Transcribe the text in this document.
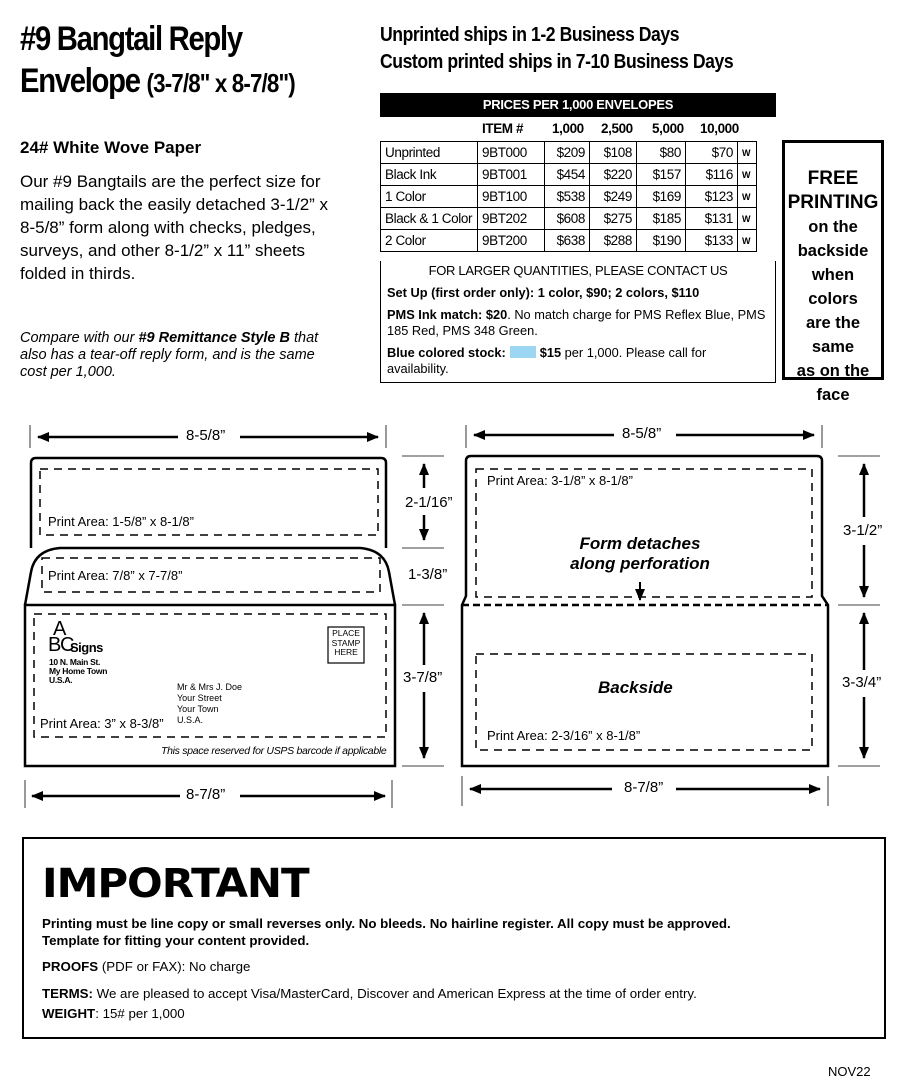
#9 Bangtail Reply
Envelope (3-7/8" x 8-7/8")
Unprinted ships in 1-2 Business Days
Custom printed ships in 7-10 Business Days
24# White Wove Paper
Our #9 Bangtails are the perfect size for mailing back the easily detached 3-1/2” x 8-5/8” form along with checks, pledges, surveys, and other 8-1/2” x 11” sheets folded in thirds.
Compare with our #9 Remittance Style B that also has a tear-off reply form, and is the same cost per 1,000.
PRICES PER 1,000 ENVELOPES
ITEM # 1,000 2,500 5,000 10,000
Unprinted	9BT000	$209	$108	$80	$70	W
Black Ink	9BT001	$454	$220	$157	$116	W
1 Color	9BT100	$538	$249	$169	$123	W
Black & 1 Color	9BT202	$608	$275	$185	$131	W
2 Color	9BT200	$638	$288	$190	$133	W
FOR LARGER QUANTITIES, PLEASE CONTACT US

Set Up (first order only): 1 color, $90; 2 colors, $110

PMS Ink match: $20. No match charge for PMS Reflex Blue, PMS 185 Red, PMS 348 Green.

Blue colored stock:	$15 per 1,000. Please call for availability.

FREE
PRINTING
on the
backside
when colors
are the same
as on the
face
8-5/8”
Print Area: 1-5/8” x 8-1/8”
Print Area: 7/8” x 7-7/8”
Print Area: 3” x 8-3/8”
2-1/16”
1-3/8”
3-7/8”
8-7/8”
A
B
C
Signs
10 N. Main St.
My Home Town
U.S.A.
PLACE
STAMP
HERE
Mr & Mrs J. Doe
Your Street
Your Town
U.S.A.
This space reserved for USPS barcode if applicable
8-5/8”
Print Area: 3-1/8” x 8-1/8”
Form detaches
along perforation
Backside
Print Area: 2-3/16” x 8-1/8”
3-1/2”
3-3/4”
8-7/8”
IMPORTANT
Printing must be line copy or small reverses only. No bleeds. No hairline register. All copy must be approved.
Template for fitting your content provided.
PROOFS (PDF or FAX): No charge
TERMS: We are pleased to accept Visa/MasterCard, Discover and American Express at the time of order entry.
WEIGHT: 15# per 1,000
NOV22
